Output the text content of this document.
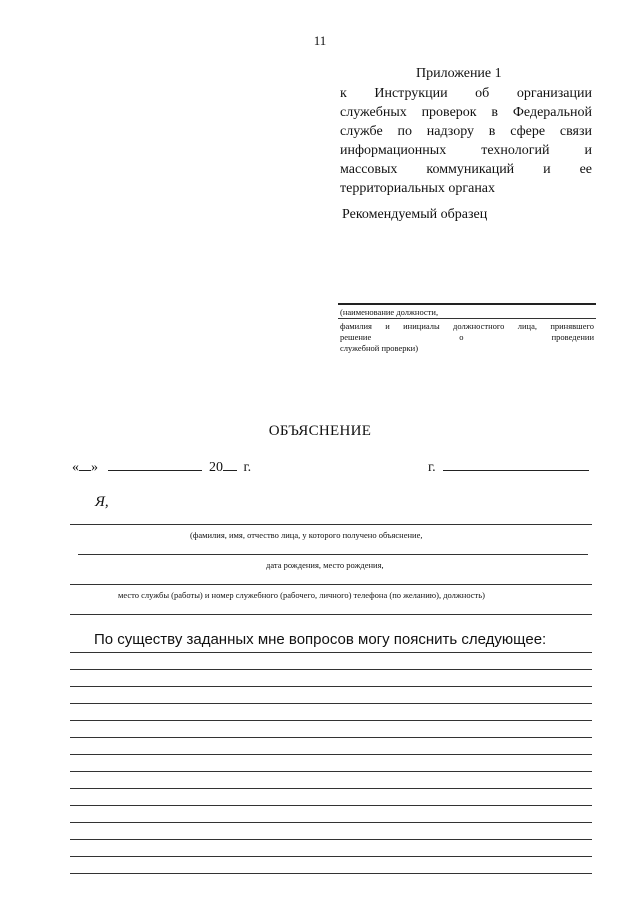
11
Приложение 1
к Инструкции об организации
служебных проверок в Федеральной
службе по надзору в сфере связи
информационных технологий и
массовых коммуникаций и ее
территориальных органах
Рекомендуемый образец
(наименование должности,
фамилия и инициалы должностного лица, принявшего
решение о проведении
служебной проверки)
ОБЪЯСНЕНИЕ
« »	20 г.	г.
Я,
(фамилия, имя, отчество лица, у которого получено объяснение,
дата рождения, место рождения,
место службы (работы) и номер служебного (рабочего, личного) телефона (по желанию), должность)
По существу заданных мне вопросов могу пояснить следующее:
